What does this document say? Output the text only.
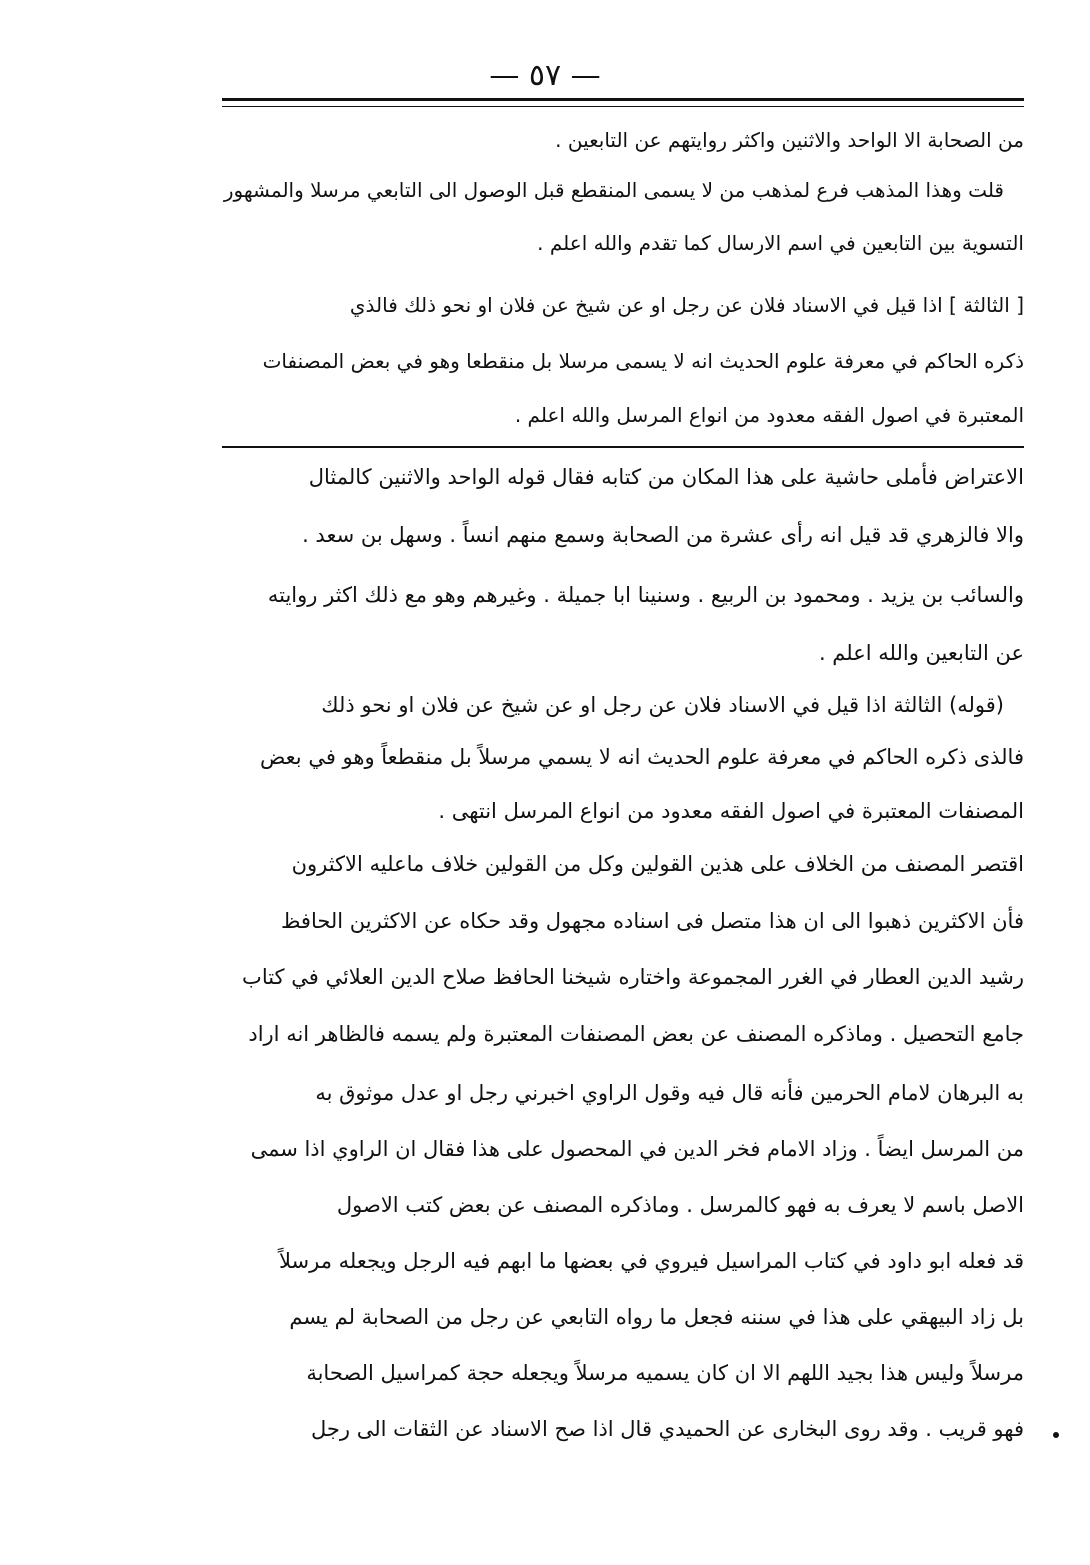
— ٥٧ —
من الصحابة الا الواحد والاثنين واكثر روايتهم عن التابعين .
قلت وهذا المذهب فرع لمذهب من لا يسمى المنقطع قبل الوصول الى التابعي مرسلا والمشهور
التسوية بين التابعين في اسم الارسال كما تقدم والله اعلم .
[ الثالثة ] اذا قيل في الاسناد فلان عن رجل او عن شيخ عن فلان او نحو ذلك فالذي
ذكره الحاكم في معرفة علوم الحديث انه لا يسمى مرسلا بل منقطعا وهو في بعض المصنفات
المعتبرة في اصول الفقه معدود من انواع المرسل والله اعلم .
الاعتراض فأملى حاشية على هذا المكان من كتابه فقال قوله الواحد والاثنين كالمثال
والا فالزهري قد قيل انه رأى عشرة من الصحابة وسمع منهم انساً . وسهل بن سعد .
والسائب بن يزيد . ومحمود بن الربيع . وسنينا ابا جميلة . وغيرهم وهو مع ذلك اكثر روايته
عن التابعين والله اعلم .
(قوله) الثالثة اذا قيل في الاسناد فلان عن رجل او عن شيخ عن فلان او نحو ذلك
فالذى ذكره الحاكم في معرفة علوم الحديث انه لا يسمي مرسلاً بل منقطعاً وهو في بعض
المصنفات المعتبرة في اصول الفقه معدود من انواع المرسل انتهى .
اقتصر المصنف من الخلاف على هذين القولين وكل من القولين خلاف ماعليه الاكثرون
فأن الاكثرين ذهبوا الى ان هذا متصل فى اسناده مجهول وقد حكاه عن الاكثرين الحافظ
رشيد الدين العطار في الغرر المجموعة واختاره شيخنا الحافظ صلاح الدين العلائي في كتاب
جامع التحصيل . وماذكره المصنف عن بعض المصنفات المعتبرة ولم يسمه فالظاهر انه اراد
به البرهان لامام الحرمين فأنه قال فيه وقول الراوي اخبرني رجل او عدل موثوق به
من المرسل ايضاً . وزاد الامام فخر الدين في المحصول على هذا فقال ان الراوي اذا سمى
الاصل باسم لا يعرف به فهو كالمرسل . وماذكره المصنف عن بعض كتب الاصول
قد فعله ابو داود في كتاب المراسيل فيروي في بعضها ما ابهم فيه الرجل ويجعله مرسلاً
بل زاد البيهقي على هذا في سننه فجعل ما رواه التابعي عن رجل من الصحابة لم يسم
مرسلاً وليس هذا بجيد اللهم الا ان كان يسميه مرسلاً ويجعله حجة كمراسيل الصحابة
فهو قريب . وقد روى البخارى عن الحميدي قال اذا صح الاسناد عن الثقات الى رجل
